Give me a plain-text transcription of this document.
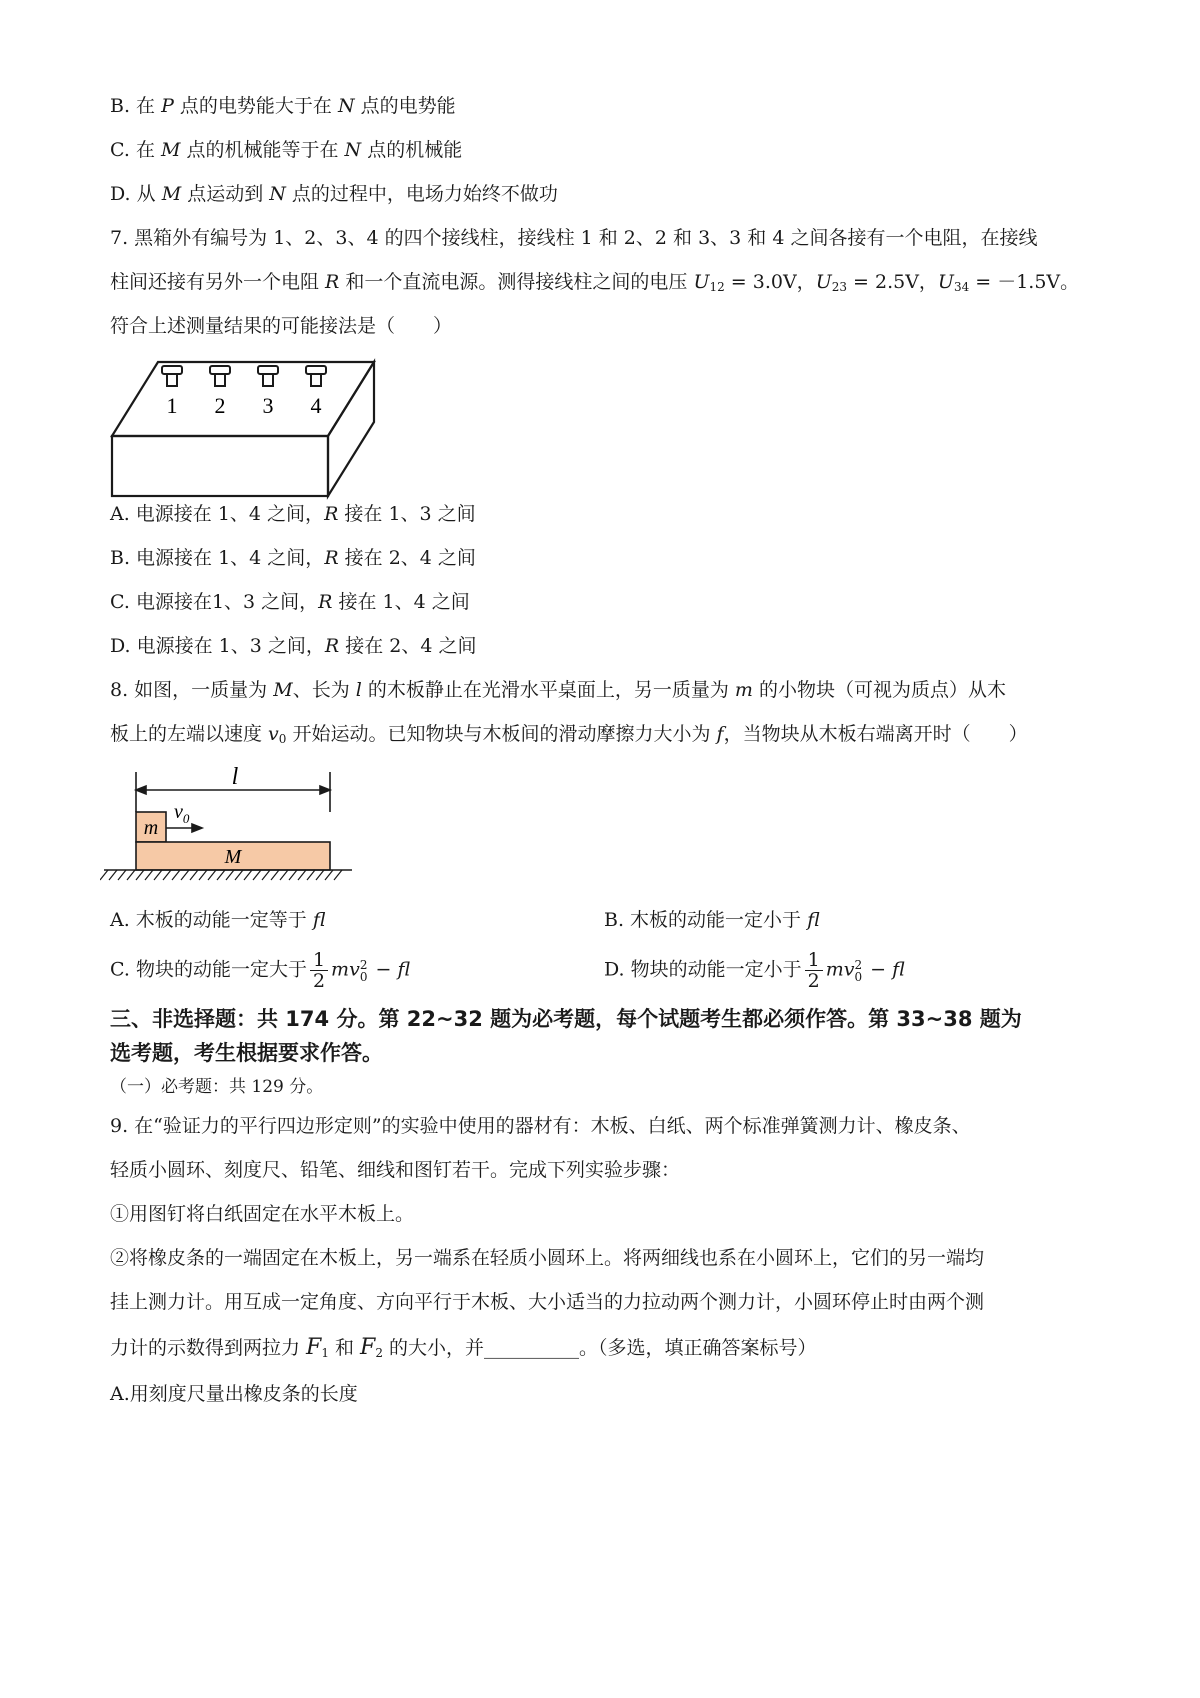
B. 在 P 点的电势能大于在 N 点的电势能
C. 在 M 点的机械能等于在 N 点的机械能
D. 从 M 点运动到 N 点的过程中，电场力始终不做功
7. 黑箱外有编号为 1、2、3、4 的四个接线柱，接线柱 1 和 2、2 和 3、3 和 4 之间各接有一个电阻，在接线
柱间还接有另外一个电阻 R 和一个直流电源。测得接线柱之间的电压 $U_{12} = 3.0V$，$U_{23} = 2.5V$，$U_{34} = -1.5V$。
符合上述测量结果的可能接法是（　　）
1 2 3 4
A. 电源接在 1、4 之间，R 接在 1、3 之间
B. 电源接在 1、4 之间，R 接在 2、4 之间
C. 电源接在1、3 之间，R 接在 1、4 之间
D. 电源接在 1、3 之间，R 接在 2、4 之间
8. 如图，一质量为 M、长为 l 的木板静止在光滑水平桌面上，另一质量为 m 的小物块（可视为质点）从木
板上的左端以速度 $v_0$ 开始运动。已知物块与木板间的滑动摩擦力大小为 f，当物块从木板右端离开时（　　）
l
m
$v_0$
M
A. 木板的动能一定等于 fl	B. 木板的动能一定小于 fl
C. 物块的动能一定大于 $\frac{1}{2}$ mv 2
0 − fl	D. 物块的动能一定小于 $\frac{1}{2}$ mv 2
0 − fl
三、非选择题：共 174 分。第 22~32 题为必考题，每个试题考生都必须作答。第 33~38 题为
选考题，考生根据要求作答。
（一）必考题：共 129 分。
9. 在“验证力的平行四边形定则”的实验中使用的器材有：木板、白纸、两个标准弹簧测力计、橡皮条、
轻质小圆环、刻度尺、铅笔、细线和图钉若干。完成下列实验步骤：
①用图钉将白纸固定在水平木板上。
②将橡皮条的一端固定在木板上，另一端系在轻质小圆环上。将两细线也系在小圆环上，它们的另一端均
挂上测力计。用互成一定角度、方向平行于木板、大小适当的力拉动两个测力计，小圆环停止时由两个测
力计的示数得到两拉力 $F_1$ 和 $F_2$ 的大小，并__________。（多选，填正确答案标号）
A.用刻度尺量出橡皮条的长度
